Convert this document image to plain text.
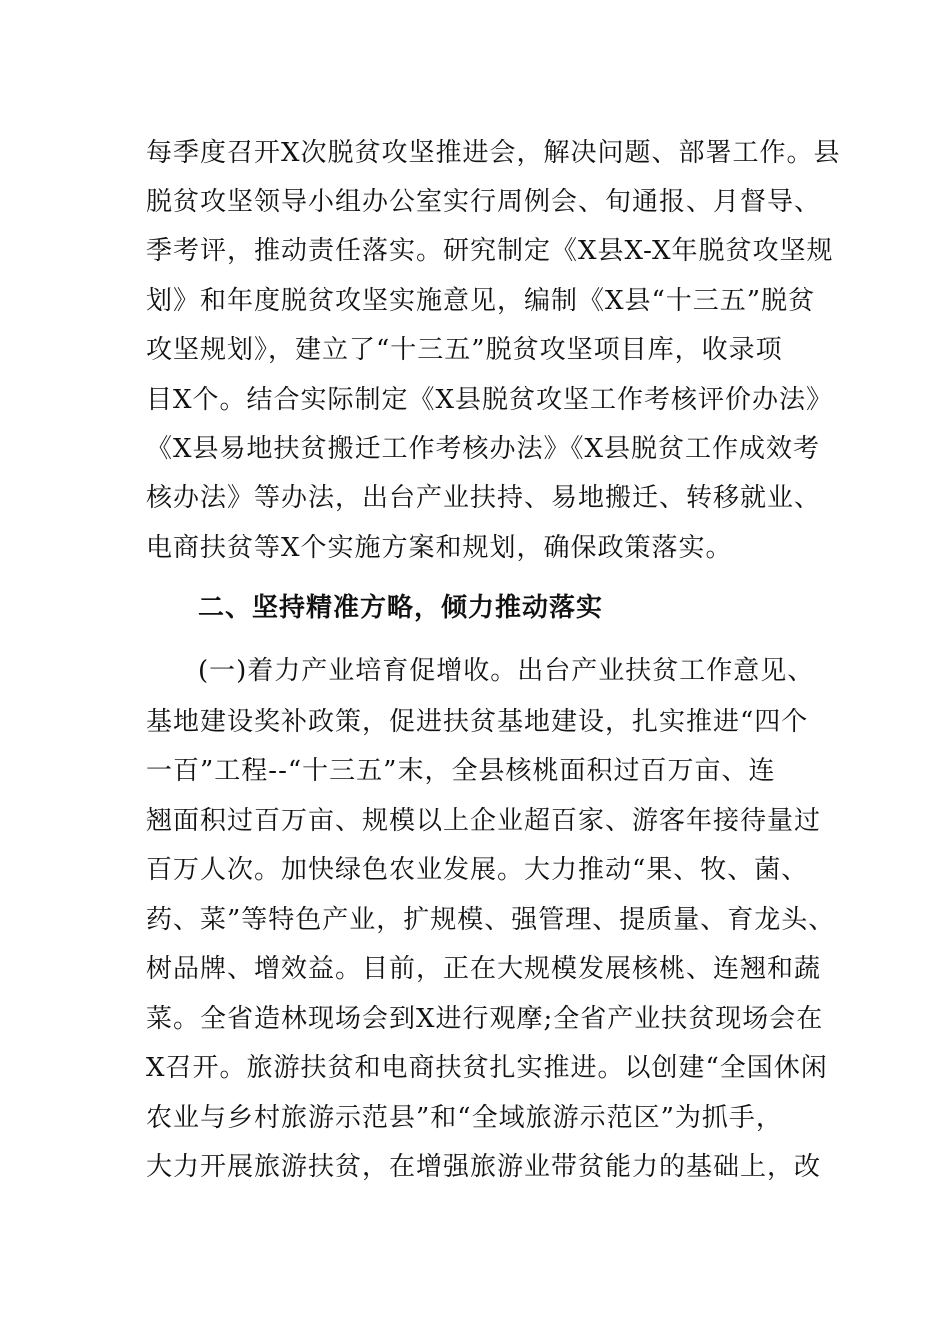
每季度召开X次脱贫攻坚推进会，解决问题、部署工作。县
脱贫攻坚领导小组办公室实行周例会、旬通报、月督导、
季考评，推动责任落实。研究制定《X县X-X年脱贫攻坚规
划》和年度脱贫攻坚实施意见，编制《X县“十三五”脱贫
攻坚规划》，建立了“十三五”脱贫攻坚项目库，收录项
目X个。结合实际制定《X县脱贫攻坚工作考核评价办法》
《X县易地扶贫搬迁工作考核办法》《X县脱贫工作成效考
核办法》等办法，出台产业扶持、易地搬迁、转移就业、
电商扶贫等X个实施方案和规划，确保政策落实。
二、坚持精准方略，倾力推动落实
(一)着力产业培育促增收。出台产业扶贫工作意见、
基地建设奖补政策，促进扶贫基地建设，扎实推进“四个
一百”工程--“十三五”末，全县核桃面积过百万亩、连
翘面积过百万亩、规模以上企业超百家、游客年接待量过
百万人次。加快绿色农业发展。大力推动“果、牧、菌、
药、菜”等特色产业，扩规模、强管理、提质量、育龙头、
树品牌、增效益。目前，正在大规模发展核桃、连翘和蔬
菜。全省造林现场会到X进行观摩;全省产业扶贫现场会在
X召开。旅游扶贫和电商扶贫扎实推进。以创建“全国休闲
农业与乡村旅游示范县”和“全域旅游示范区”为抓手，
大力开展旅游扶贫，在增强旅游业带贫能力的基础上，改
